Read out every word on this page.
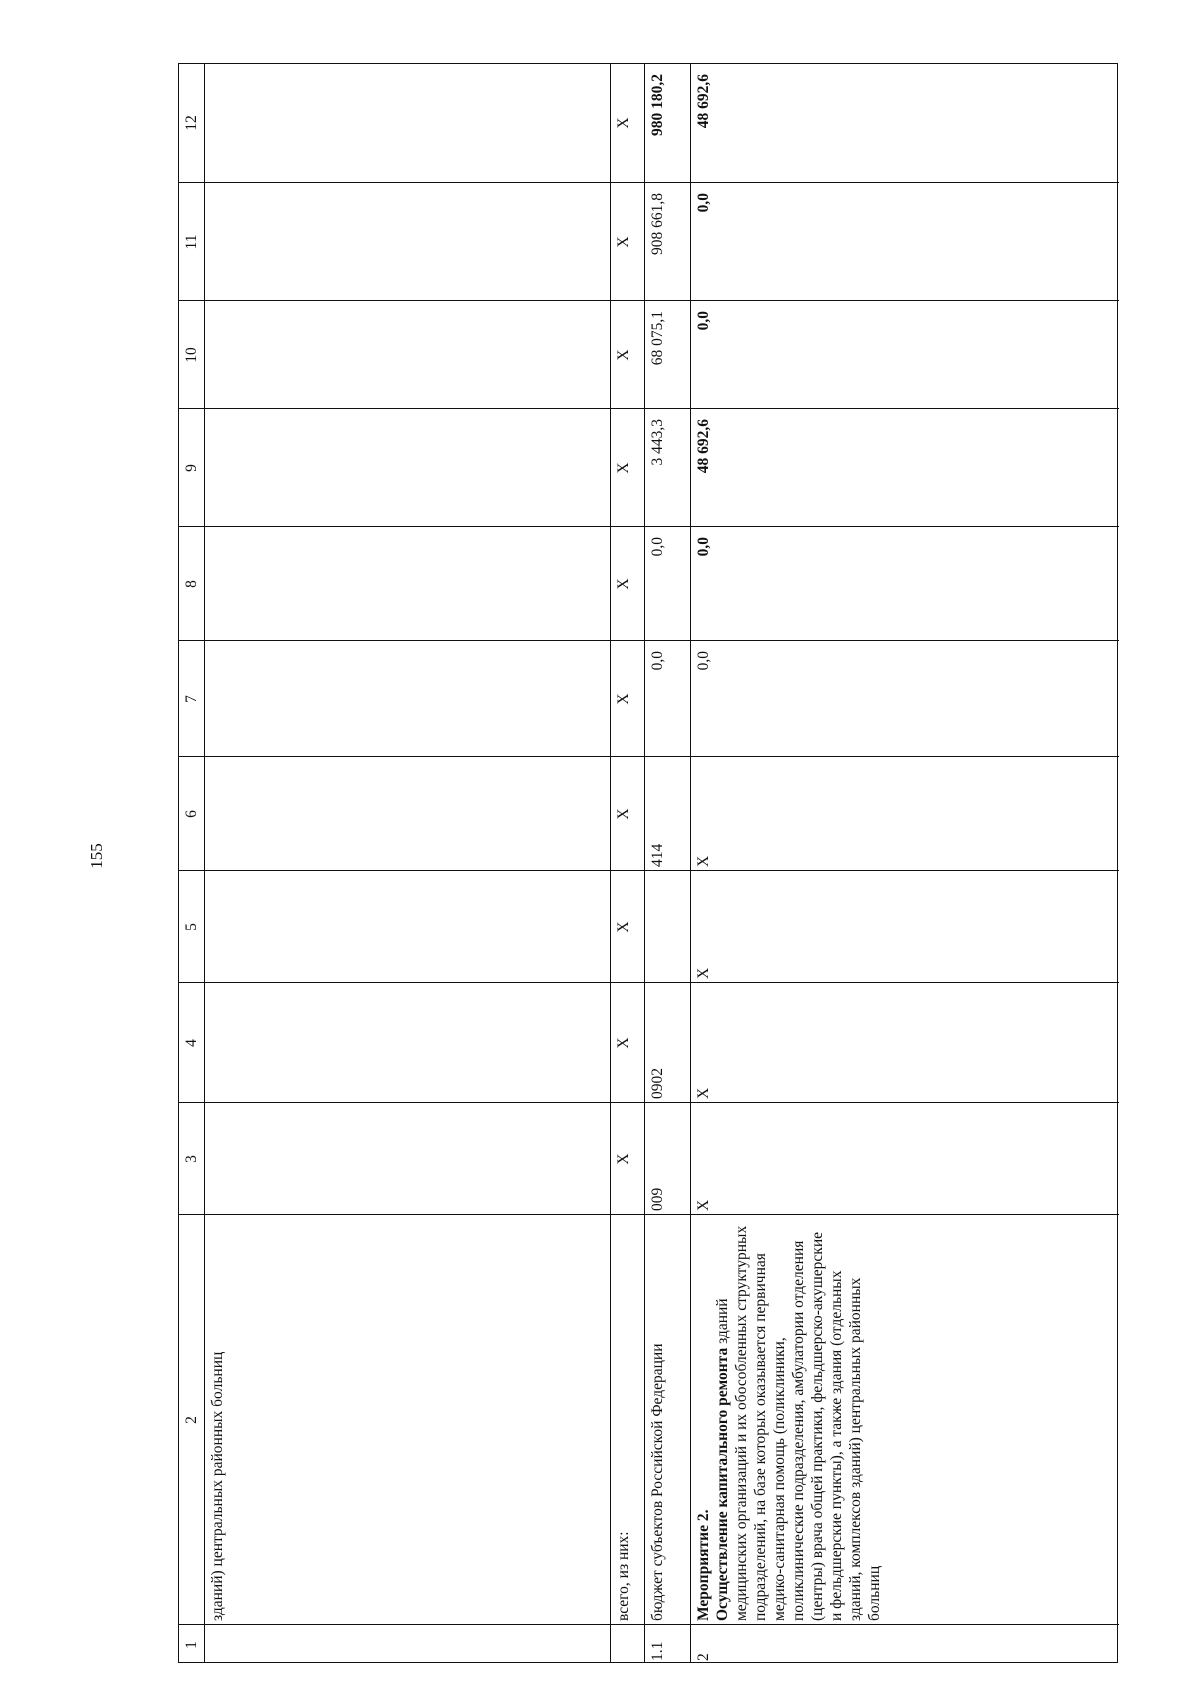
155
12
11
10
9
8
7
6
5
4
3
2
1
зданий) центральных районных больниц
X
X
X
X
X
X
X
X
X
X
всего, из них:
980 180,2
908 661,8
68 075,1
3 443,3
0,0
0,0
414
0902
009
бюджет субъектов Российской Федерации
1.1
48 692,6
0,0
0,0
48 692,6
0,0
0,0
X
X
X
X
Мероприятие 2. Осуществление капитального ремонта зданий медицинских организаций и их обособленных структурных подразделений, на базе которых оказывается первичная медико-санитарная помощь (поликлиники, поликлинические подразделения, амбулатории отделения (центры) врача общей практики, фельдшерско-акушерские и фельдшерские пункты), а также здания (отдельных зданий, комплексов зданий) центральных районных больниц
2
